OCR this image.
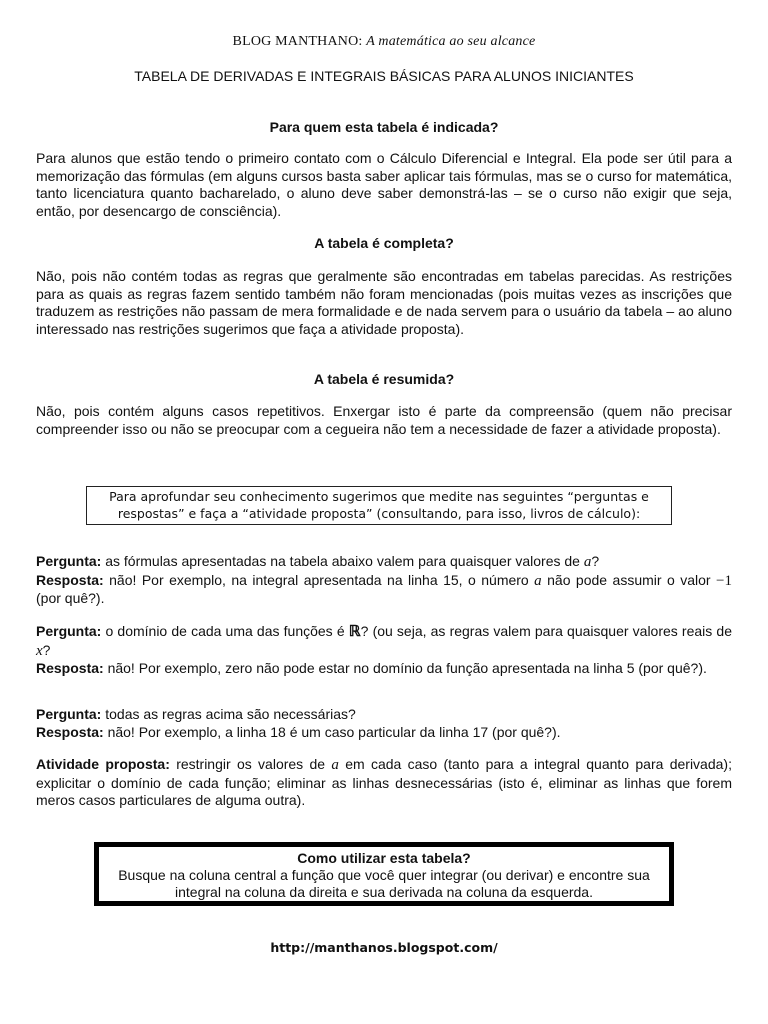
BLOG MANTHANO: A matemática ao seu alcance
TABELA DE DERIVADAS E INTEGRAIS BÁSICAS PARA ALUNOS INICIANTES
Para quem esta tabela é indicada?

Para alunos que estão tendo o primeiro contato com o Cálculo Diferencial e Integral. Ela pode ser útil para a memorização das fórmulas (em alguns cursos basta saber aplicar tais fórmulas, mas se o curso for matemática, tanto licenciatura quanto bacharelado, o aluno deve saber demonstrá-las – se o curso não exigir que seja, então, por desencargo de consciência).

A tabela é completa?

Não, pois não contém todas as regras que geralmente são encontradas em tabelas parecidas. As restrições para as quais as regras fazem sentido também não foram mencionadas (pois muitas vezes as inscrições que traduzem as restrições não passam de mera formalidade e de nada servem para o usuário da tabela – ao aluno interessado nas restrições sugerimos que faça a atividade proposta).

A tabela é resumida?

Não, pois contém alguns casos repetitivos. Enxergar isto é parte da compreensão (quem não precisar compreender isso ou não se preocupar com a cegueira não tem a necessidade de fazer a atividade proposta).

Para aprofundar seu conhecimento sugerimos que medite nas seguintes “perguntas e respostas” e faça a “atividade proposta” (consultando, para isso, livros de cálculo):

Pergunta: as fórmulas apresentadas na tabela abaixo valem para quaisquer valores de a?
Resposta: não! Por exemplo, na integral apresentada na linha 15, o número a não pode assumir o valor −1 (por quê?).

Pergunta: o domínio de cada uma das funções é ℝ? (ou seja, as regras valem para quaisquer valores reais de x?
Resposta: não! Por exemplo, zero não pode estar no domínio da função apresentada na linha 5 (por quê?).

Pergunta: todas as regras acima são necessárias?
Resposta: não! Por exemplo, a linha 18 é um caso particular da linha 17 (por quê?).

Atividade proposta: restringir os valores de a em cada caso (tanto para a integral quanto para derivada); explicitar o domínio de cada função; eliminar as linhas desnecessárias (isto é, eliminar as linhas que forem meros casos particulares de alguma outra).

Como utilizar esta tabela?
Busque na coluna central a função que você quer integrar (ou derivar) e encontre sua integral na coluna da direita e sua derivada na coluna da esquerda.
http://manthanos.blogspot.com/
